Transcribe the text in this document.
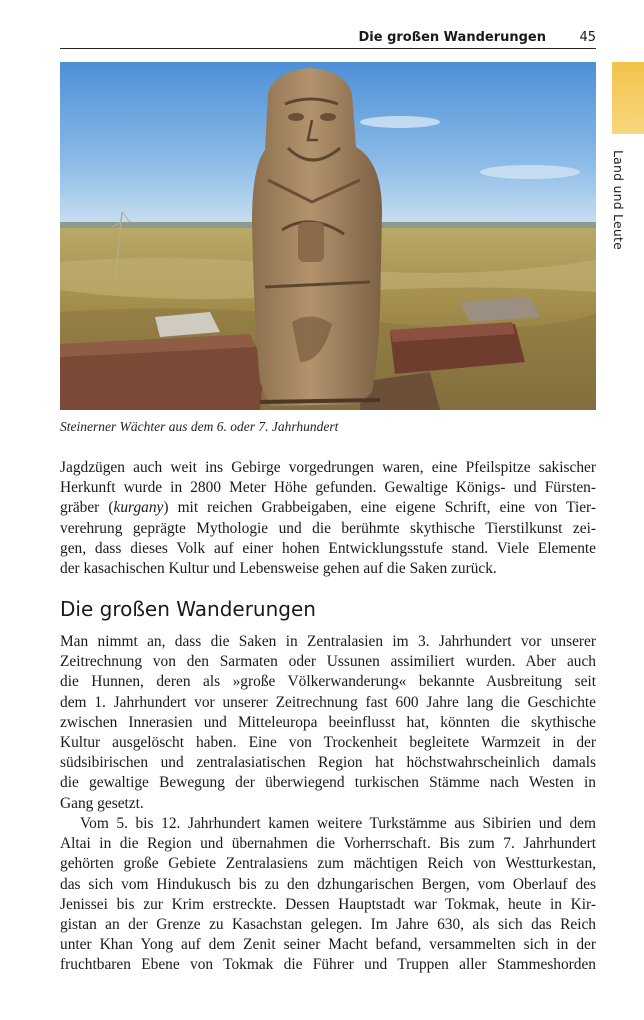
Die großen Wanderungen	45
Land und Leute
Steinerner Wächter aus dem 6. oder 7. Jahrhundert
Jagdzügen auch weit ins Gebirge vorgedrungen waren, eine Pfeilspitze sakischer
Herkunft wurde in 2800 Meter Höhe gefunden. Gewaltige Königs- und Fürsten-
gräber (kurgany) mit reichen Grabbeigaben, eine eigene Schrift, eine von Tier-
verehrung geprägte Mythologie und die berühmte skythische Tierstilkunst zei-
gen, dass dieses Volk auf einer hohen Entwicklungsstufe stand. Viele Elemente
der kasachischen Kultur und Lebensweise gehen auf die Saken zurück.
Die großen Wanderungen
Man nimmt an, dass die Saken in Zentralasien im 3. Jahrhundert vor unserer
Zeitrechnung von den Sarmaten oder Ussunen assimiliert wurden. Aber auch
die Hunnen, deren als »große Völkerwanderung« bekannte Ausbreitung seit
dem 1. Jahrhundert vor unserer Zeitrechnung fast 600 Jahre lang die Geschichte
zwischen Innerasien und Mitteleuropa beeinflusst hat, könnten die skythische
Kultur ausgelöscht haben. Eine von Trockenheit begleitete Warmzeit in der
südsibirischen und zentralasiatischen Region hat höchstwahrscheinlich damals
die gewaltige Bewegung der überwiegend turkischen Stämme nach Westen in
Gang gesetzt.
Vom 5. bis 12. Jahrhundert kamen weitere Turkstämme aus Sibirien und dem
Altai in die Region und übernahmen die Vorherrschaft. Bis zum 7. Jahrhundert
gehörten große Gebiete Zentralasiens zum mächtigen Reich von Westturkestan,
das sich vom Hindukusch bis zu den dzhungarischen Bergen, vom Oberlauf des
Jenissei bis zur Krim erstreckte. Dessen Hauptstadt war Tokmak, heute in Kir-
gistan an der Grenze zu Kasachstan gelegen. Im Jahre 630, als sich das Reich
unter Khan Yong auf dem Zenit seiner Macht befand, versammelten sich in der
fruchtbaren Ebene von Tokmak die Führer und Truppen aller Stammeshorden
